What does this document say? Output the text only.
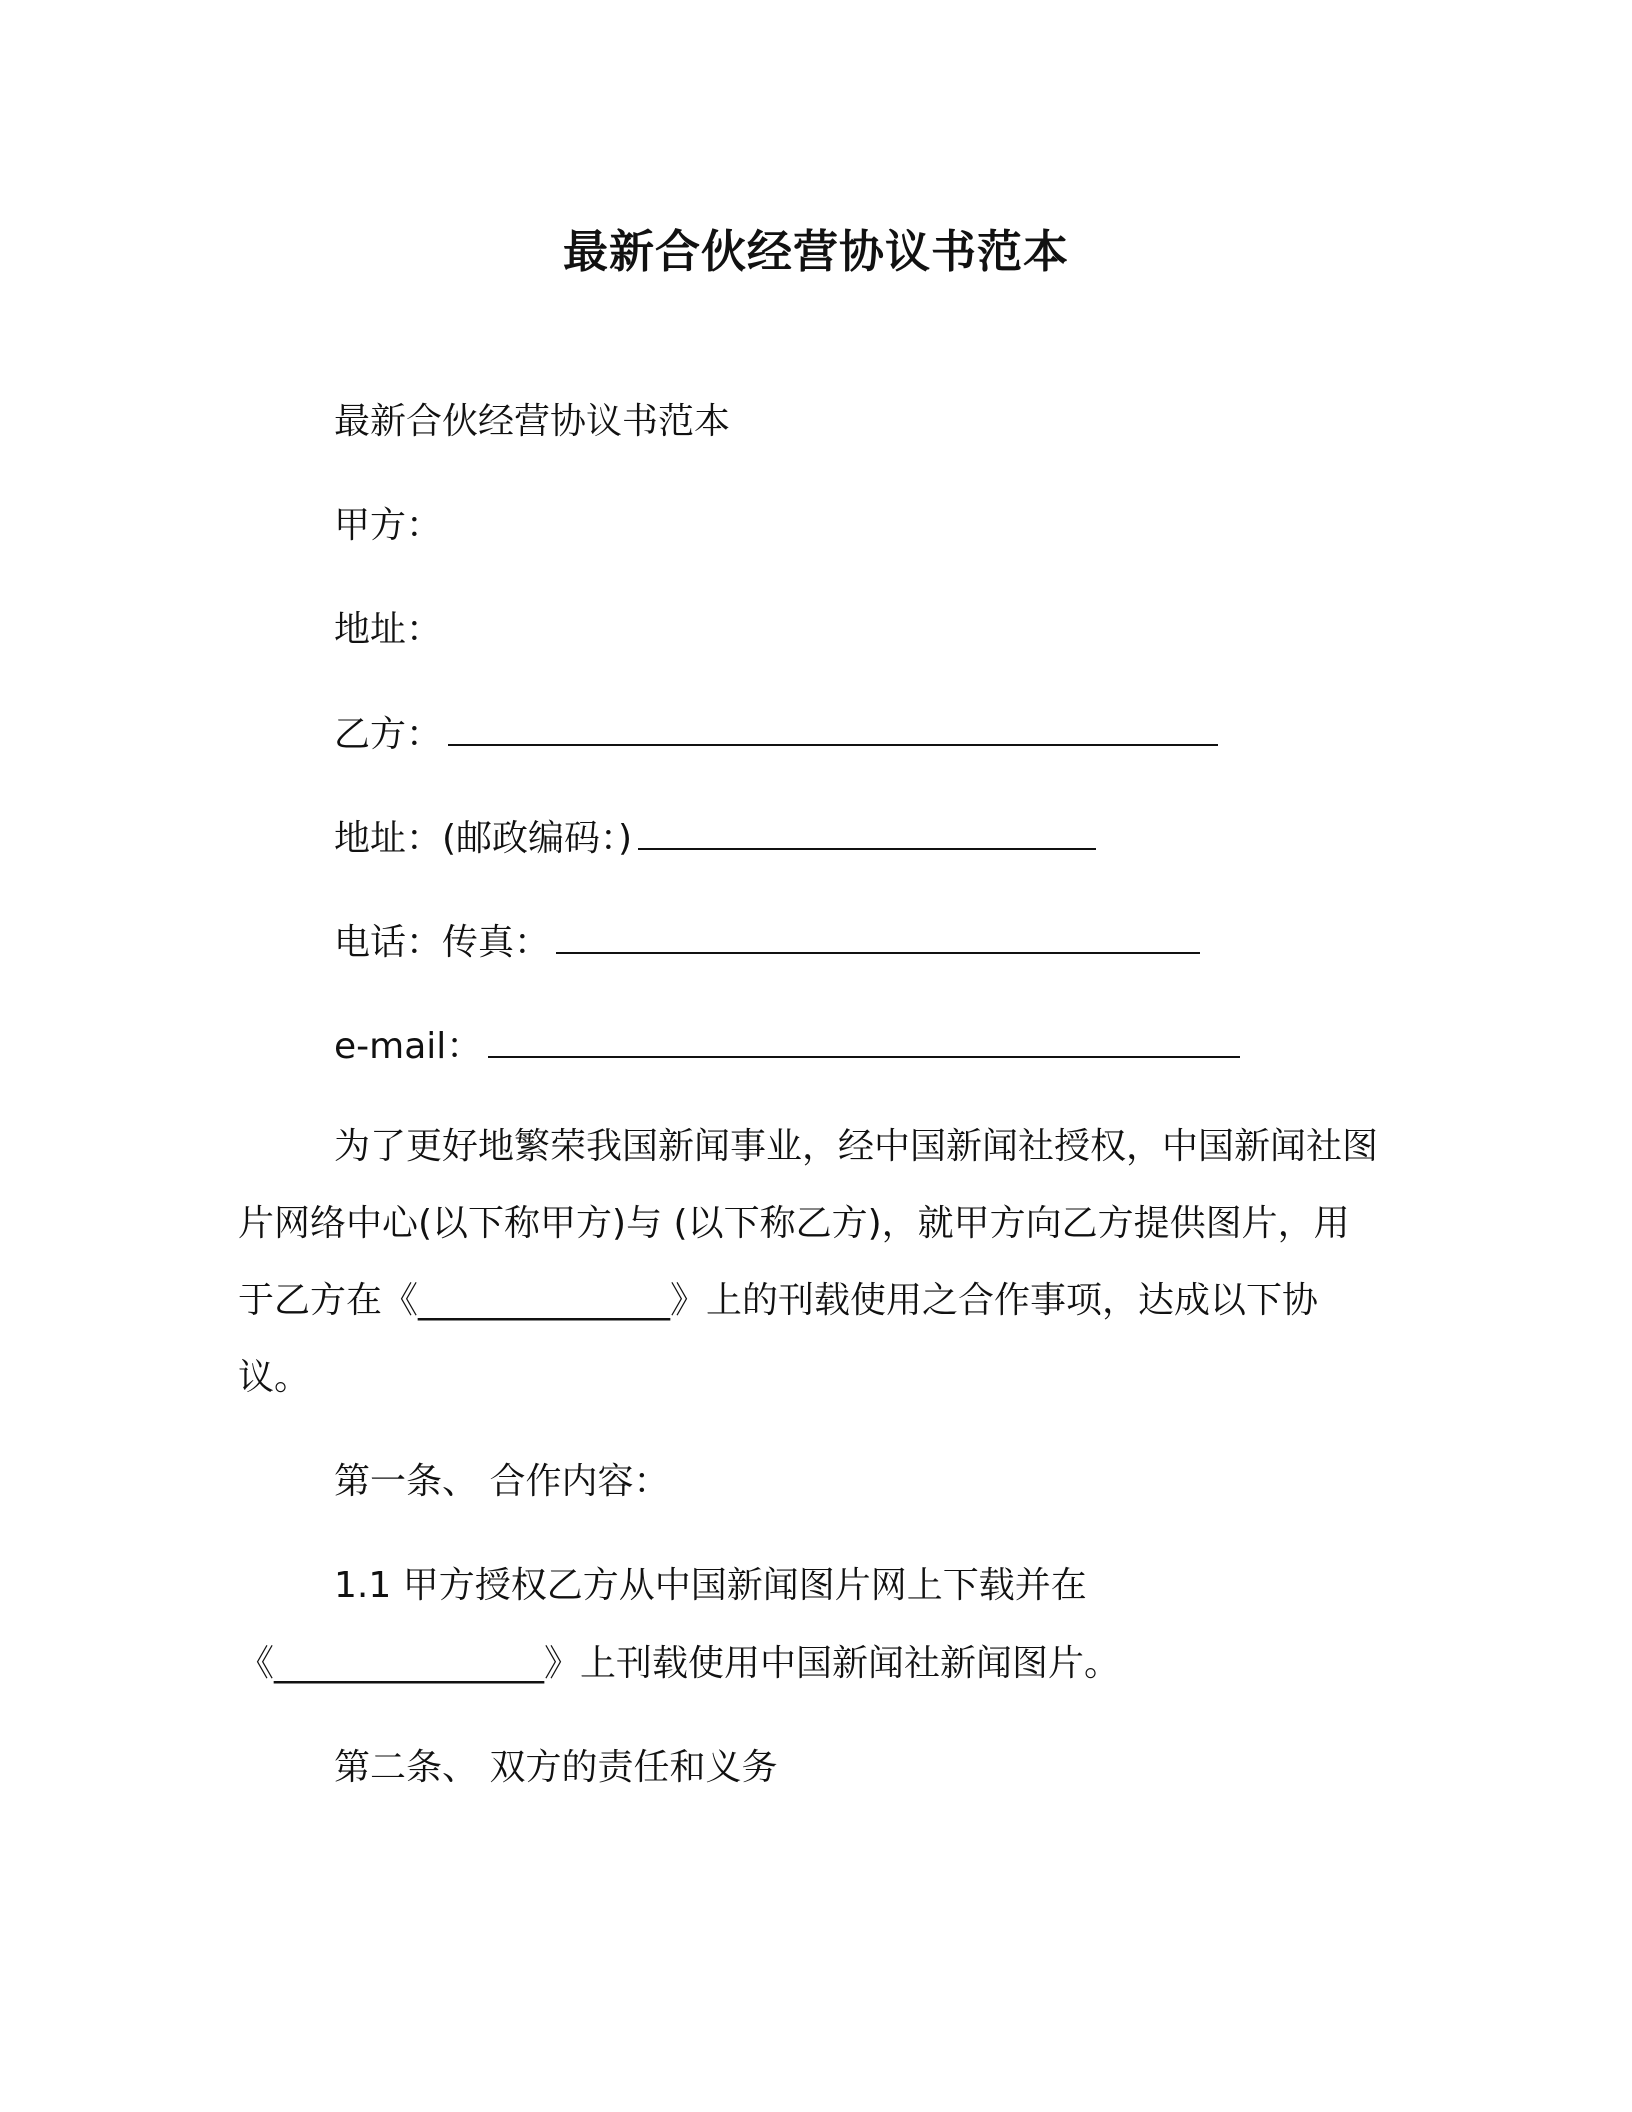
最新合伙经营协议书范本
最新合伙经营协议书范本
甲方：
地址：
乙方：
地址：(邮政编码：)
电话：传真：
e-mail：

为了更好地繁荣我国新闻事业，经中国新闻社授权，中国新闻社图片网络中心(以下称甲方)与 (以下称乙方)，就甲方向乙方提供图片，用于乙方在《______________》上的刊载使用之合作事项，达成以下协议。

第一条、 合作内容：
1.1 甲方授权乙方从中国新闻图片网上下载并在
《_______________》上刊载使用中国新闻社新闻图片。
第二条、 双方的责任和义务
